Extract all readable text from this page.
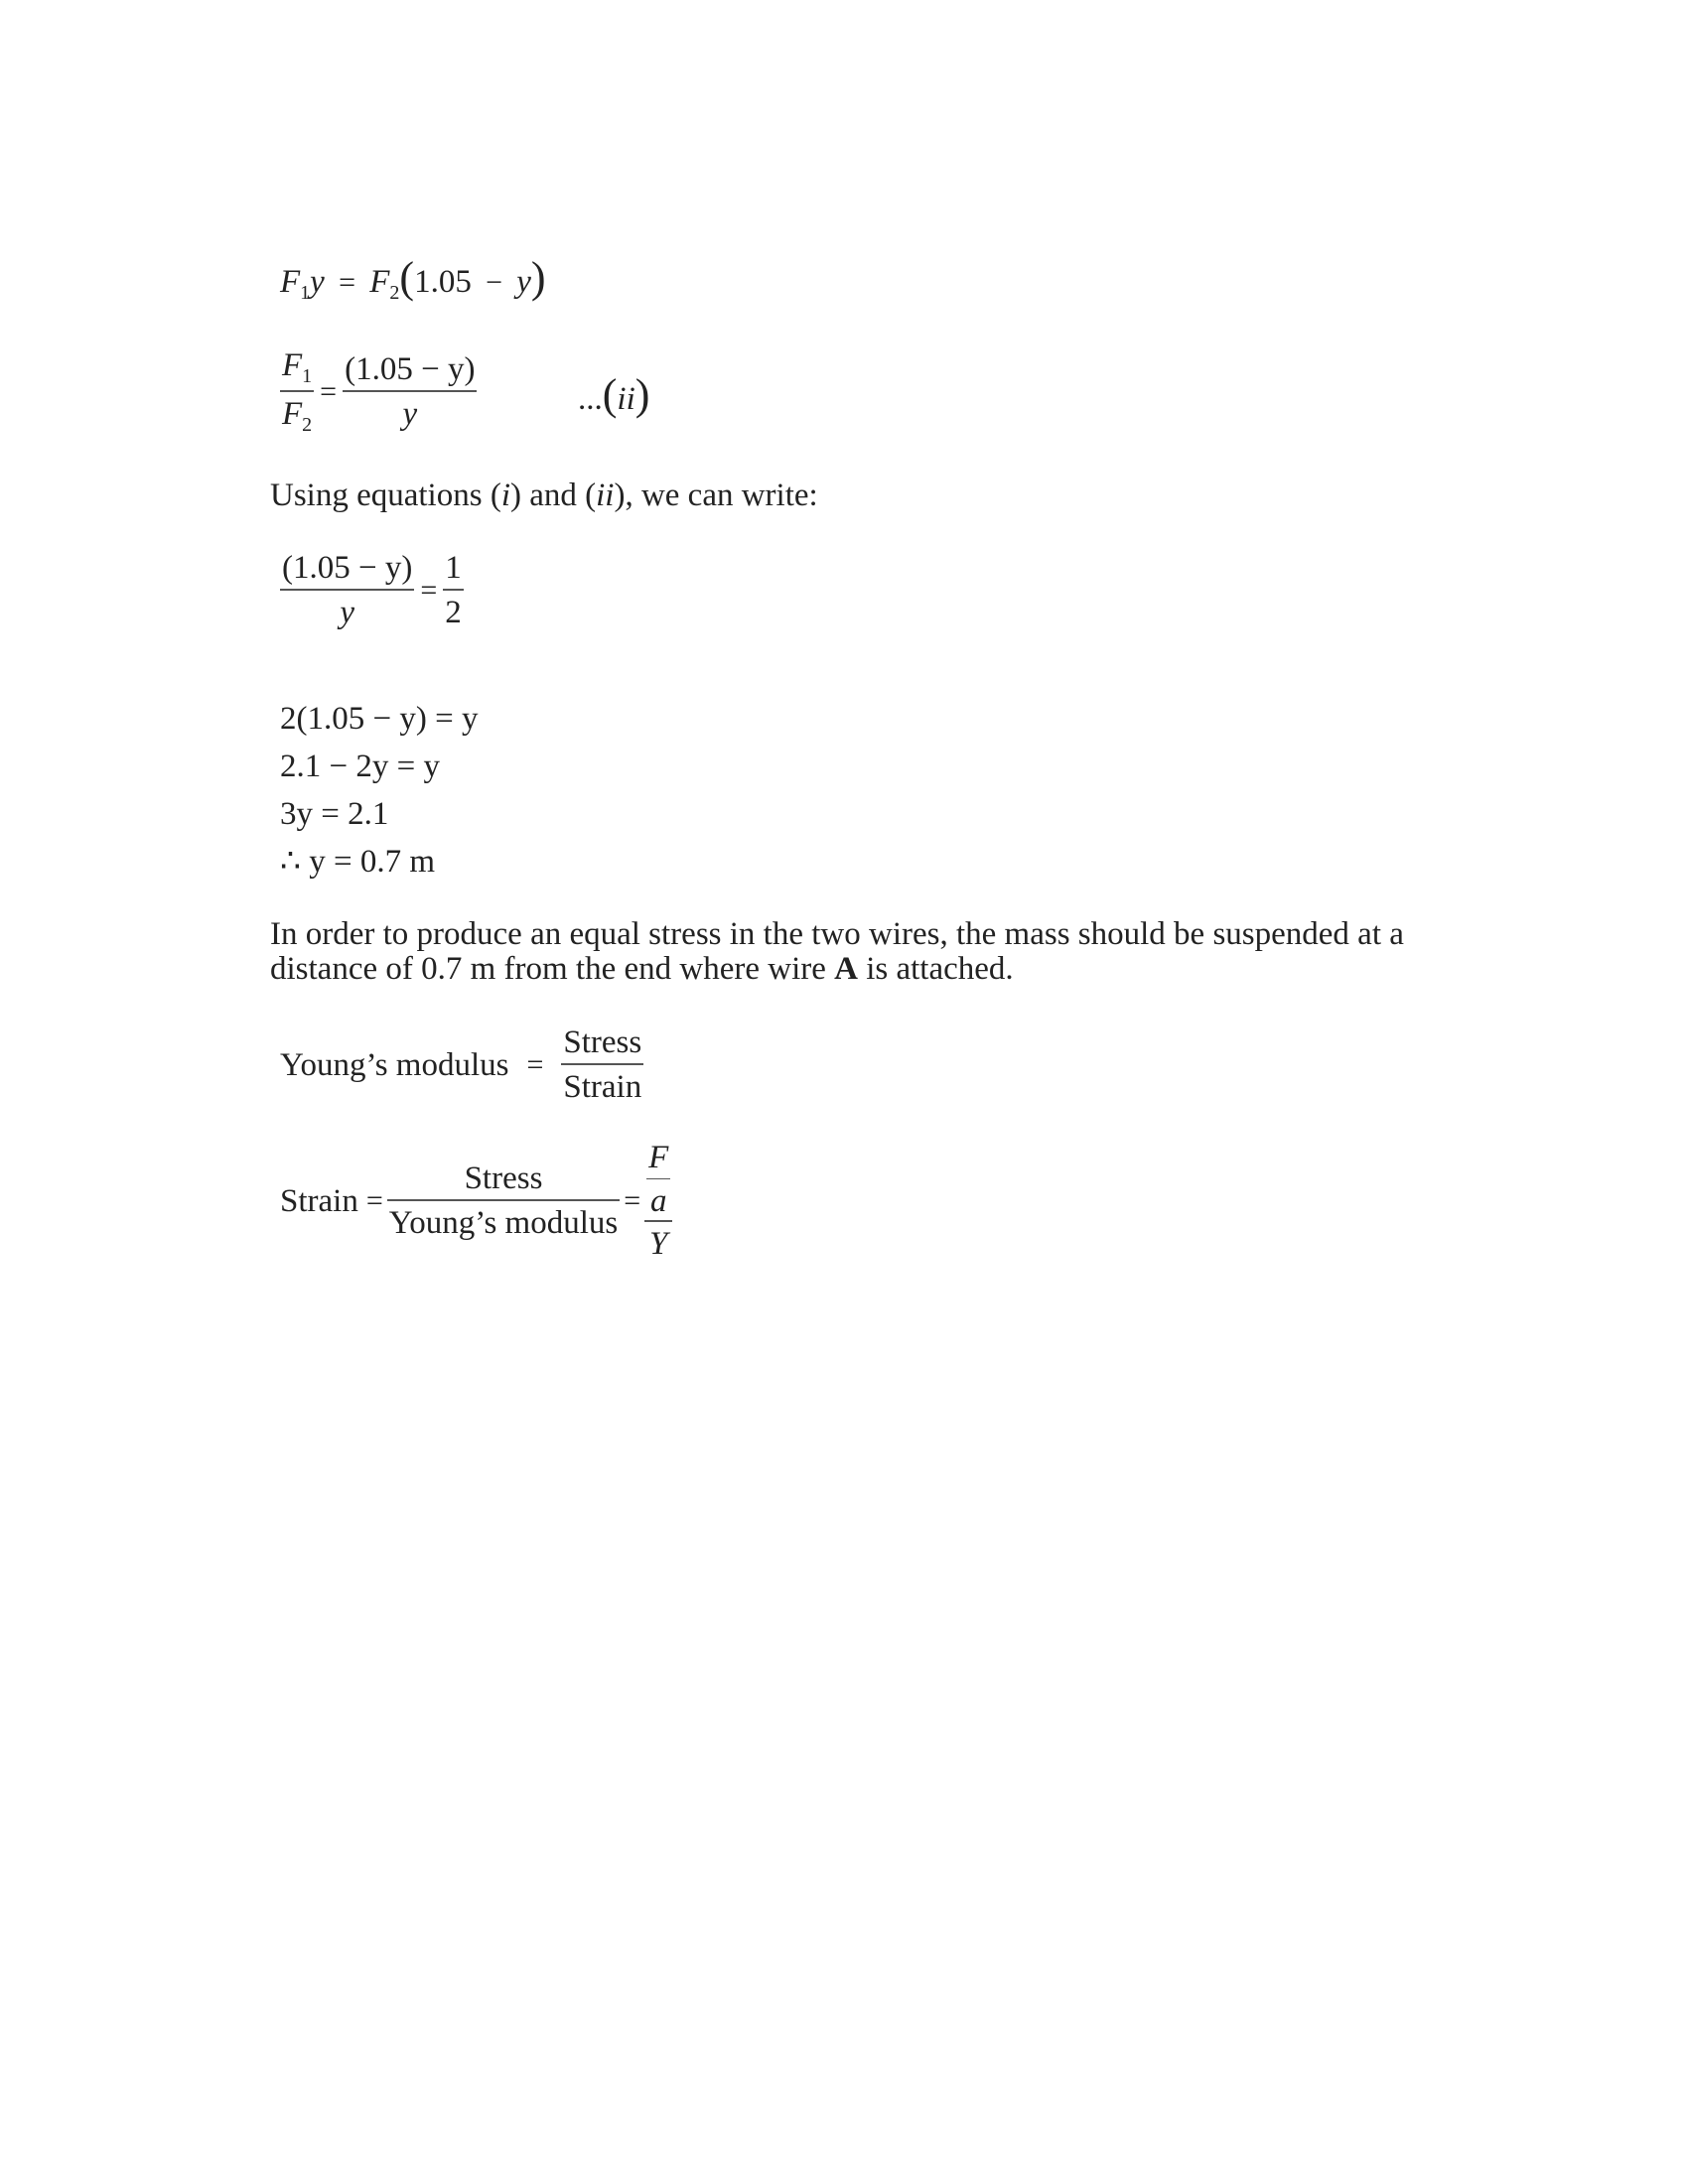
$F_1y = F_2(1.05 - y)$
$\frac{F_1}{F_2} = \frac{(1.05 - y)}{y}$	...(ii)
Using equations (i) and (ii), we can write:
$\frac{(1.05 - y)}{y} = \frac{1}{2}$
2(1.05 − y) = y
2.1 − 2y = y
3y = 2.1
∴ y = 0.7 m
In order to produce an equal stress in the two wires, the mass should be suspended at a
distance of 0.7 m from the end where wire A is attached.
Young’s modulus = $\frac{\text{Stress}}{\text{Strain}}$
Strain = $\frac{\text{Stress}}{\text{Young’s modulus}} = \frac{\frac{F}{a}}{Y}$
